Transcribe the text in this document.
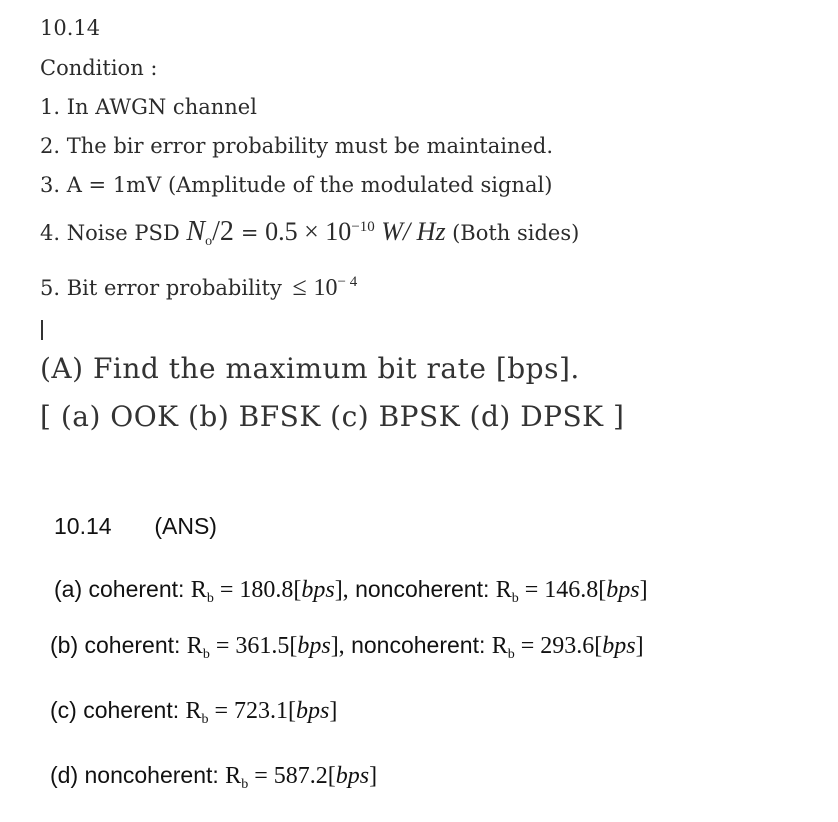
10.14
Condition :
1. In AWGN channel
2. The bir error probability must be maintained.
3. A = 1mV (Amplitude of the modulated signal)
4. Noise PSD $N_o/2 = 0.5 \times 10^{-10}$ W/ Hz (Both sides)
5. Bit error probability ≤ $10^{- 4}$
(A) Find the maximum bit rate [bps].
[ (a) OOK (b) BFSK (c) BPSK (d) DPSK ]
10.14 (ANS)
(a) coherent: $R_b = 180.8[bps]$, noncoherent: $R_b = 146.8[bps]$
(b) coherent: $R_b = 361.5[bps]$, noncoherent: $R_b = 293.6[bps]$
(c) coherent: $R_b = 723.1[bps]$
(d) noncoherent: $R_b = 587.2[bps]$
